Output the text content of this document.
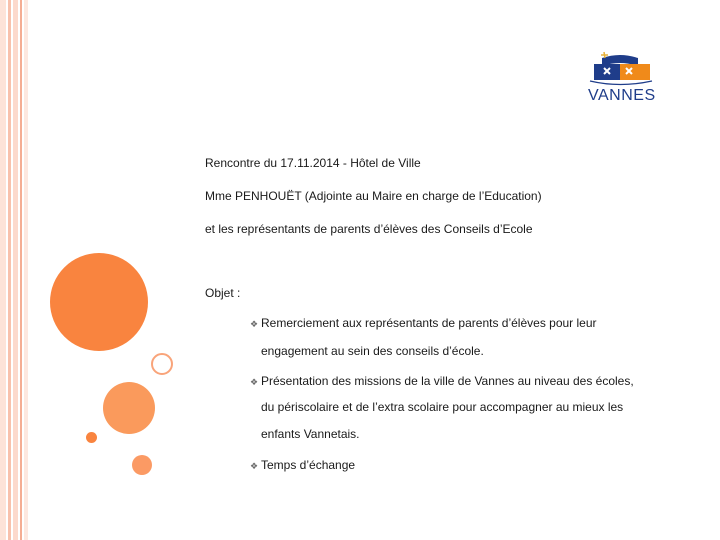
VANNES
Rencontre du 17.11.2014 - Hôtel de Ville
Mme PENHOUËT (Adjointe au Maire en charge de l’Education)
et les représentants de parents d’élèves des Conseils d’Ecole
Objet :
❖ Remerciement aux représentants de parents d’élèves pour leur
engagement au sein des conseils d’école.
❖ Présentation des missions de la ville de Vannes au niveau des écoles,
du périscolaire et de l’extra scolaire pour accompagner au mieux les
enfants Vannetais.
❖ Temps d’échange
